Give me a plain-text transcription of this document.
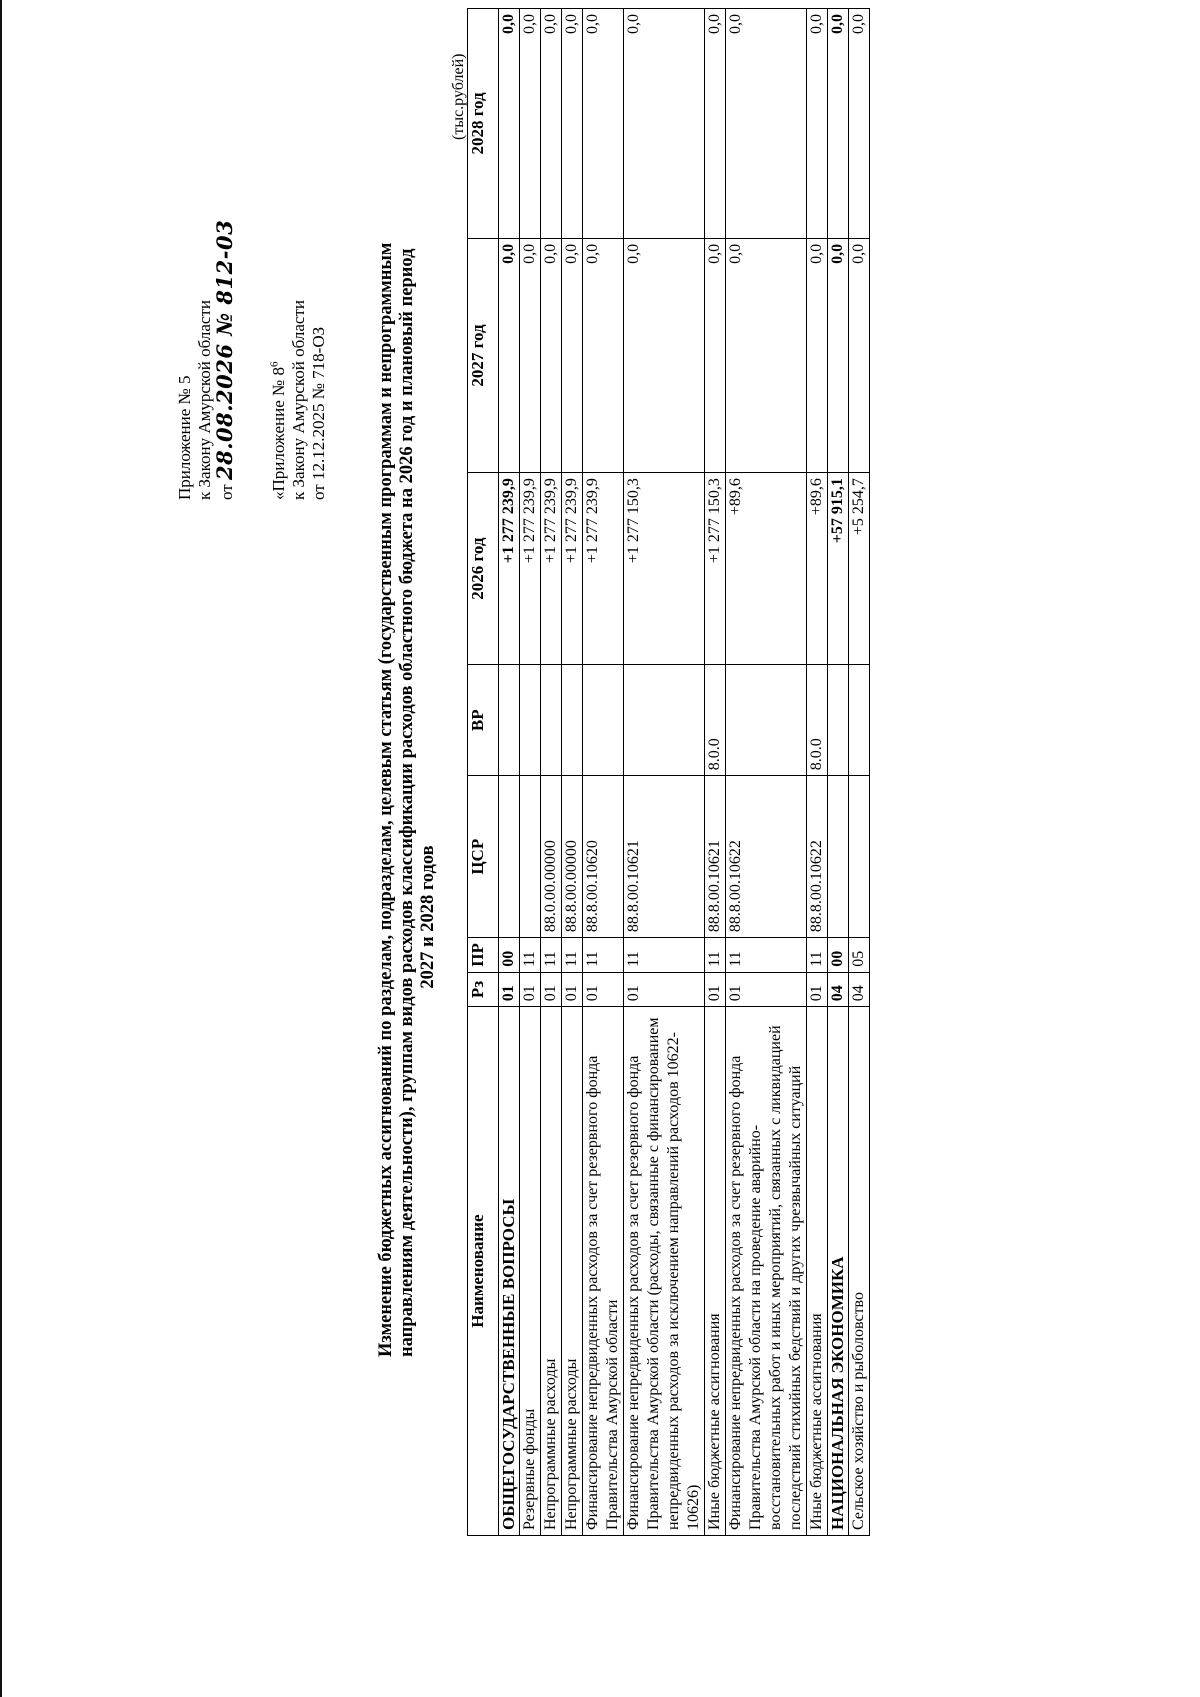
Приложение № 5 к Закону Амурской области от 28.08.2026 № 812-03 «Приложение № $8^6$ к Закону Амурской области от 12.12.2025 № 718-ОЗ	Изменение бюджетных ассигнований по разделам, подразделам, целевым статьям (государственным программам и непрограммным направлениям деятельности), группам видов расходов классификации расходов областного бюджета на 2026 год и плановый период 2027 и 2028 годов
(тыс.рублей)
Наименование	Рз	ПР	ЦСР	ВР	2026 год	2027 год	2028 год
ОБЩЕГОСУДАРСТВЕННЫЕ ВОПРОСЫ	01	00			+1 277 239,9	0,0	0,0
Резервные фонды	01	11			+1 277 239,9	0,0	0,0
Непрограммные расходы	01	11	88.0.00.00000		+1 277 239,9	0,0	0,0
Непрограммные расходы	01	11	88.8.00.00000		+1 277 239,9	0,0	0,0
Финансирование непредвиденных расходов за счет резервного фонда Правительства Амурской области	01	11	88.8.00.10620		+1 277 239,9	0,0	0,0
Финансирование непредвиденных расходов за счет резервного фонда Правительства Амурской области (расходы, связанные с финансированием непредвиденных расходов за исключением направлений расходов 10622-10626)	01	11	88.8.00.10621		+1 277 150,3	0,0	0,0
Иные бюджетные ассигнования	01	11	88.8.00.10621	8.0.0	+1 277 150,3	0,0	0,0
Финансирование непредвиденных расходов за счет резервного фонда Правительства Амурской области на проведение аварийно-восстановительных работ и иных мероприятий, связанных с ликвидацией последствий стихийных бедствий и других чрезвычайных ситуаций	01	11	88.8.00.10622		+89,6	0,0	0,0
Иные бюджетные ассигнования	01	11	88.8.00.10622	8.0.0	+89,6	0,0	0,0
НАЦИОНАЛЬНАЯ ЭКОНОМИКА	04	00			+57 915,1	0,0	0,0
Сельское хозяйство и рыболовство	04	05			+5 254,7	0,0	0,0
